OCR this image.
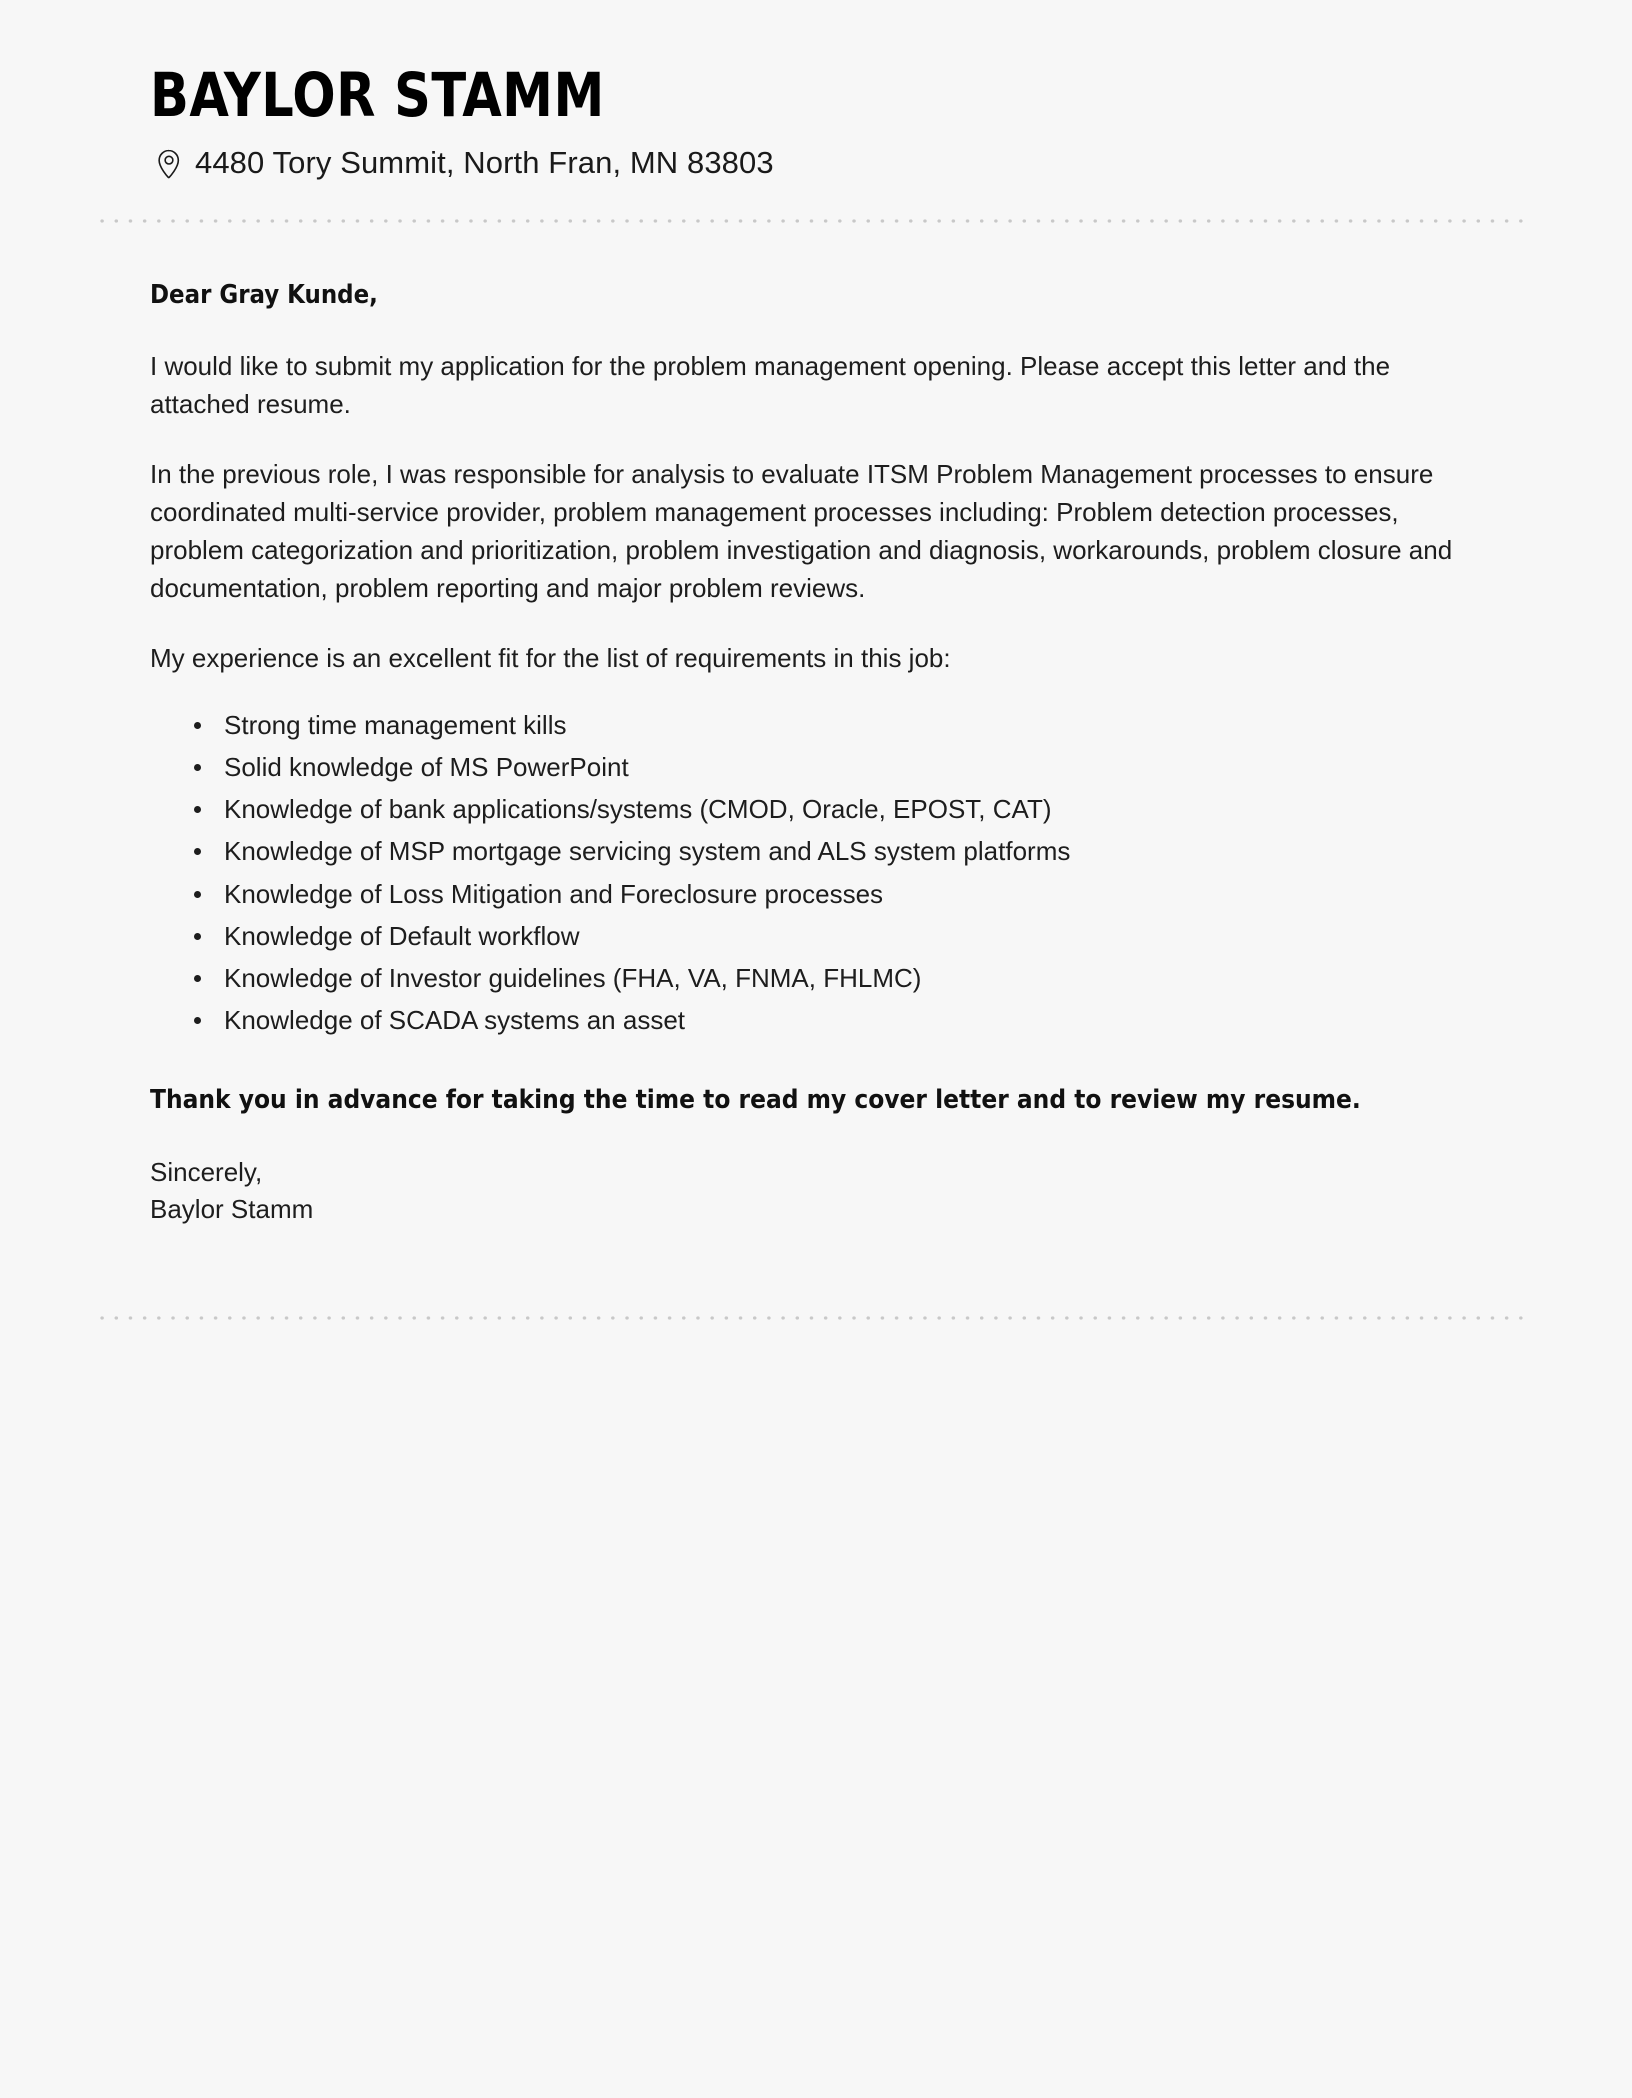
BAYLOR STAMM
4480 Tory Summit, North Fran, MN 83803
Dear Gray Kunde,

I would like to submit my application for the problem management opening. Please accept this letter and the attached resume.

In the previous role, I was responsible for analysis to evaluate ITSM Problem Management processes to ensure coordinated multi-service provider, problem management processes including: Problem detection processes, problem categorization and prioritization, problem investigation and diagnosis, workarounds, problem closure and documentation, problem reporting and major problem reviews.

My experience is an excellent fit for the list of requirements in this job:

Strong time management kills
Solid knowledge of MS PowerPoint
Knowledge of bank applications/systems (CMOD, Oracle, EPOST, CAT)
Knowledge of MSP mortgage servicing system and ALS system platforms
Knowledge of Loss Mitigation and Foreclosure processes
Knowledge of Default workflow
Knowledge of Investor guidelines (FHA, VA, FNMA, FHLMC)
Knowledge of SCADA systems an asset
Thank you in advance for taking the time to read my cover letter and to review my resume.
Sincerely,
Baylor Stamm
